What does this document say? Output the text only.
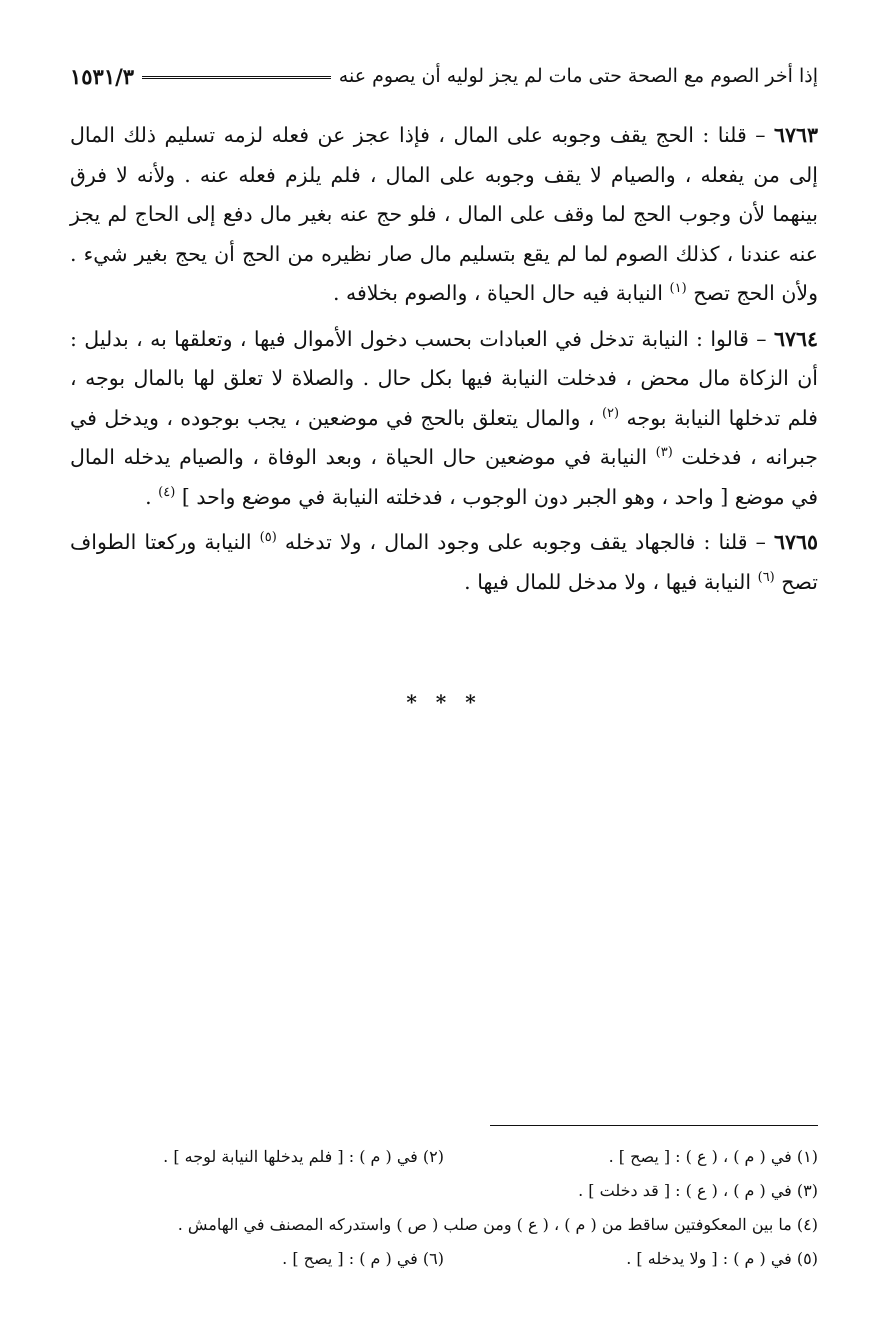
إذا أخر الصوم مع الصحة حتى مات لم يجز لوليه أن يصوم عنه
١٥٣١/٣

٦٧٦٣ – قلنا : الحج يقف وجوبه على المال ، فإذا عجز عن فعله لزمه تسليم ذلك المال إلى من يفعله ، والصيام لا يقف وجوبه على المال ، فلم يلزم فعله عنه . ولأنه لا فرق بينهما لأن وجوب الحج لما وقف على المال ، فلو حج عنه بغير مال دفع إلى الحاج لم يجز عنه عندنا ، كذلك الصوم لما لم يقع بتسليم مال صار نظيره من الحج أن يحج بغير شيء . ولأن الحج تصح $^{(١)}$ النيابة فيه حال الحياة ، والصوم بخلافه .

٦٧٦٤ – قالوا : النيابة تدخل في العبادات بحسب دخول الأموال فيها ، وتعلقها به ، بدليل : أن الزكاة مال محض ، فدخلت النيابة فيها بكل حال . والصلاة لا تعلق لها بالمال بوجه ، فلم تدخلها النيابة بوجه $^{(٢)}$ ، والمال يتعلق بالحج في موضعين ، يجب بوجوده ، ويدخل في جبرانه ، فدخلت $^{(٣)}$ النيابة في موضعين حال الحياة ، وبعد الوفاة ، والصيام يدخله المال في موضع [ واحد ، وهو الجبر دون الوجوب ، فدخلته النيابة في موضع واحد ] $^{(٤)}$ .

٦٧٦٥ – قلنا : فالجهاد يقف وجوبه على وجود المال ، ولا تدخله $^{(٥)}$ النيابة وركعتا الطواف تصح $^{(٦)}$ النيابة فيها ، ولا مدخل للمال فيها .

* * *
(١) في ( م ) ، ( ع ) : [ يصح ] .
(٢) في ( م ) : [ فلم يدخلها النيابة لوجه ] .
(٣) في ( م ) ، ( ع ) : [ قد دخلت ] .
(٤) ما بين المعكوفتين ساقط من ( م ) ، ( ع ) ومن صلب ( ص ) واستدركه المصنف في الهامش .
(٥) في ( م ) : [ ولا يدخله ] .
(٦) في ( م ) : [ يصح ] .
